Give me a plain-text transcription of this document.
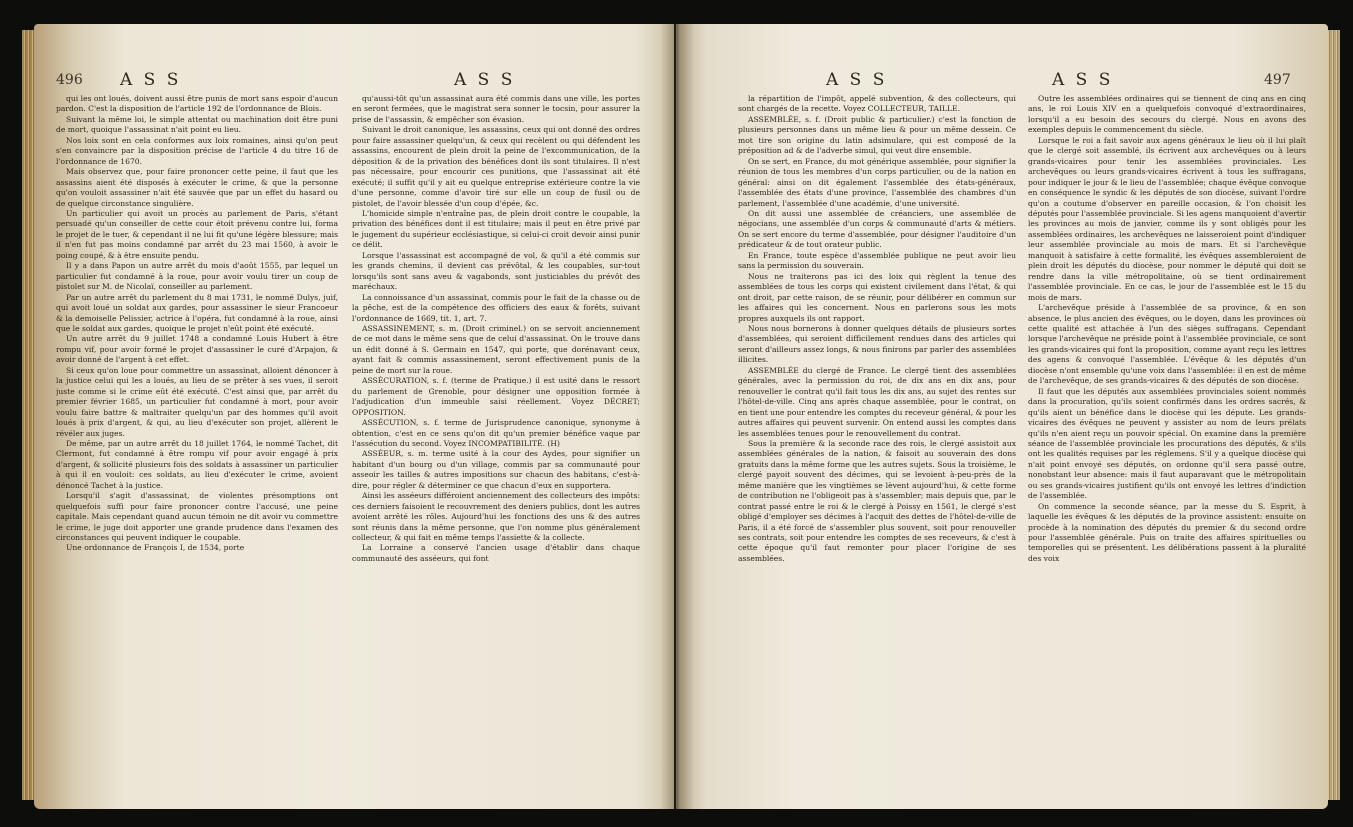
496 A S S	A S S

qui les ont loués, doivent aussi être punis de mort sans espoir d'aucun pardon. C'est la disposition de l'article 192 de l'ordonnance de Blois.

Suivant la même loi, le simple attentat ou machination doit être puni de mort, quoique l'assassinat n'ait point eu lieu.

Nos loix sont en cela conformes aux loix romaines, ainsi qu'on peut s'en convaincre par la disposition précise de l'article 4 du titre 16 de l'ordonnance de 1670.

Mais observez que, pour faire prononcer cette peine, il faut que les assassins aient été disposés à exécuter le crime, & que la personne qu'on vouloit assassiner n'ait été sauvée que par un effet du hasard ou de quelque circonstance singulière.

Un particulier qui avoit un procès au parlement de Paris, s'étant persuadé qu'un conseiller de cette cour étoit prévenu contre lui, forma le projet de le tuer, & cependant il ne lui fit qu'une légère blessure; mais il n'en fut pas moins condamné par arrêt du 23 mai 1560, à avoir le poing coupé, & à être ensuite pendu.

Il y a dans Papon un autre arrêt du mois d'août 1555, par lequel un particulier fut condamné à la roue, pour avoir voulu tirer un coup de pistolet sur M. de Nicolaï, conseiller au parlement.

Par un autre arrêt du parlement du 8 mai 1731, le nommé Dulys, juif, qui avoit loué un soldat aux gardes, pour assassiner le sieur Francoeur & la demoiselle Pelissier, actrice à l'opéra, fut condamné à la roue, ainsi que le soldat aux gardes, quoique le projet n'eût point été exécuté.

Un autre arrêt du 9 juillet 1748 a condamné Louis Hubert à être rompu vif, pour avoir formé le projet d'assassiner le curé d'Arpajon, & avoir donné de l'argent à cet effet.

Si ceux qu'on loue pour commettre un assassinat, alloient dénoncer à la justice celui qui les a loués, au lieu de se prêter à ses vues, il seroit juste comme si le crime eût été exécuté. C'est ainsi que, par arrêt du premier février 1685, un particulier fut condamné à mort, pour avoir voulu faire battre & maltraiter quelqu'un par des hommes qu'il avoit loués à prix d'argent, & qui, au lieu d'exécuter son projet, allèrent le révéler aux juges.

De même, par un autre arrêt du 18 juillet 1764, le nommé Tachet, dit Clermont, fut condamné à être rompu vif pour avoir engagé à prix d'argent, & sollicité plusieurs fois des soldats à assassiner un particulier à qui il en vouloit: ces soldats, au lieu d'exécuter le crime, avoient dénoncé Tachet à la justice.

Lorsqu'il s'agit d'assassinat, de violentes présomptions ont quelquefois suffi pour faire prononcer contre l'accusé, une peine capitale. Mais cependant quand aucun témoin ne dit avoir vu commettre le crime, le juge doit apporter une grande prudence dans l'examen des circonstances qui peuvent indiquer le coupable.

Une ordonnance de François I, de 1534, porte

qu'aussi-tôt qu'un assassinat aura été commis dans une ville, les portes en seront fermées, que le magistrat sera sonner le tocsin, pour assurer la prise de l'assassin, & empêcher son évasion.

Suivant le droit canonique, les assassins, ceux qui ont donné des ordres pour faire assassiner quelqu'un, & ceux qui recèlent ou qui défendent les assassins, encourent de plein droit la peine de l'excommunication, de la déposition & de la privation des bénéfices dont ils sont titulaires. Il n'est pas nécessaire, pour encourir ces punitions, que l'assassinat ait été exécuté; il suffit qu'il y ait eu quelque entreprise extérieure contre la vie d'une personne, comme d'avoir tiré sur elle un coup de fusil ou de pistolet, de l'avoir blessée d'un coup d'épée, &c.

L'homicide simple n'entraîne pas, de plein droit contre le coupable, la privation des bénéfices dont il est titulaire; mais il peut en être privé par le jugement du supérieur ecclésiastique, si celui-ci croit devoir ainsi punir ce délit.

Lorsque l'assassinat est accompagné de vol, & qu'il a été commis sur les grands chemins, il devient cas prévôtal, & les coupables, sur-tout lorsqu'ils sont sans aveu & vagabonds, sont justiciables du prévôt des maréchaux.

La connoissance d'un assassinat, commis pour le fait de la chasse ou de la pêche, est de la compétence des officiers des eaux & forêts, suivant l'ordonnance de 1669, tit. 1, art. 7.

ASSASSINEMENT, s. m. (Droit criminel.) on se servoit anciennement de ce mot dans le même sens que de celui d'assassinat. On le trouve dans un édit donné à S. Germain en 1547, qui porte, que dorénavant ceux, ayant fait & commis assassinement, seront effectivement punis de la peine de mort sur la roue.

ASSÉCURATION, s. f. (terme de Pratique.) il est usité dans le ressort du parlement de Grenoble, pour désigner une opposition formée à l'adjudication d'un immeuble saisi réellement. Voyez DÉCRET; OPPOSITION.

ASSÉCUTION, s. f. terme de Jurisprudence canonique, synonyme à obtention, c'est en ce sens qu'on dit qu'un premier bénéfice vaque par l'assécution du second. Voyez INCOMPATIBILITÉ. (H)

ASSÉEUR, s. m. terme usité à la cour des Aydes, pour signifier un habitant d'un bourg ou d'un village, commis par sa communauté pour asseoir les tailles & autres impositions sur chacun des habitans, c'est-à-dire, pour régler & déterminer ce que chacun d'eux en supportera.

Ainsi les asséeurs différoient anciennement des collecteurs des impôts: ces derniers faisoient le recouvrement des deniers publics, dont les autres avoient arrêté les rôles. Aujourd'hui les fonctions des uns & des autres sont réunis dans la même personne, que l'on nomme plus généralement collecteur, & qui fait en même temps l'assiette & la collecte.

La Lorraine a conservé l'ancien usage d'établir dans chaque communauté des asséeurs, qui font

A S S	A S S	497

la répartition de l'impôt, appelé subvention, & des collecteurs, qui sont chargés de la recette. Voyez COLLECTEUR, TAILLE.

ASSEMBLÉE, s. f. (Droit public & particulier.) c'est la fonction de plusieurs personnes dans un même lieu & pour un même dessein. Ce mot tire son origine du latin adsimulare, qui est composé de la préposition ad & de l'adverbe simul, qui veut dire ensemble.

On se sert, en France, du mot générique assemblée, pour signifier la réunion de tous les membres d'un corps particulier, ou de la nation en général: ainsi on dit également l'assemblée des états-généraux, l'assemblée des états d'une province, l'assemblée des chambres d'un parlement, l'assemblée d'une académie, d'une université.

On dit aussi une assemblée de créanciers, une assemblée de négocians, une assemblée d'un corps & communauté d'arts & métiers. On se sert encore du terme d'assemblée, pour désigner l'auditoire d'un prédicateur & de tout orateur public.

En France, toute espèce d'assemblée publique ne peut avoir lieu sans la permission du souverain.

Nous ne traiterons pas ici des loix qui règlent la tenue des assemblées de tous les corps qui existent civilement dans l'état, & qui ont droit, par cette raison, de se réunir, pour délibérer en commun sur les affaires qui les concernent. Nous en parlerons sous les mots propres auxquels ils ont rapport.

Nous nous bornerons à donner quelques détails de plusieurs sortes d'assemblées, qui seroient difficilement rendues dans des articles qui seront d'ailleurs assez longs, & nous finirons par parler des assemblées illicites.

ASSEMBLÉE du clergé de France. Le clergé tient des assemblées générales, avec la permission du roi, de dix ans en dix ans, pour renouveller le contrat qu'il fait tous les dix ans, au sujet des rentes sur l'hôtel-de-ville. Cinq ans après chaque assemblée, pour le contrat, on en tient une pour entendre les comptes du receveur général, & pour les autres affaires qui peuvent survenir. On entend aussi les comptes dans les assemblées tenues pour le renouvellement du contrat.

Sous la première & la seconde race des rois, le clergé assistoit aux assemblées générales de la nation, & faisoit au souverain des dons gratuits dans la même forme que les autres sujets. Sous la troisième, le clergé payoit souvent des décimes, qui se levoient à-peu-près de la même manière que les vingtièmes se lèvent aujourd'hui, & cette forme de contribution ne l'obligeoit pas à s'assembler; mais depuis que, par le contrat passé entre le roi & le clergé à Poissy en 1561, le clergé s'est obligé d'employer ses décimes à l'acquit des dettes de l'hôtel-de-ville de Paris, il a été forcé de s'assembler plus souvent, soit pour renouveller ses contrats, soit pour entendre les comptes de ses receveurs, & c'est à cette époque qu'il faut remonter pour placer l'origine de ses assemblées.

Outre les assemblées ordinaires qui se tiennent de cinq ans en cinq ans, le roi Louis XIV en a quelquefois convoqué d'extraordinaires, lorsqu'il a eu besoin des secours du clergé. Nous en avons des exemples depuis le commencement du siècle.

Lorsque le roi a fait savoir aux agens généraux le lieu où il lui plaît que le clergé soit assemblé, ils écrivent aux archevêques ou à leurs grands-vicaires pour tenir les assemblées provinciales. Les archevêques ou leurs grands-vicaires écrivent à tous les suffragans, pour indiquer le jour & le lieu de l'assemblée; chaque évêque convoque en conséquence le syndic & les députés de son diocèse, suivant l'ordre qu'on a coutume d'observer en pareille occasion, & l'on choisit les députés pour l'assemblée provinciale. Si les agens manquoient d'avertir les provinces au mois de janvier, comme ils y sont obligés pour les assemblées ordinaires, les archevêques ne laisseroient point d'indiquer leur assemblée provinciale au mois de mars. Et si l'archevêque manquoit à satisfaire à cette formalité, les évêques assembleroient de plein droit les députés du diocèse, pour nommer le député qui doit se rendre dans la ville métropolitaine, où se tient ordinairement l'assemblée provinciale. En ce cas, le jour de l'assemblée est le 15 du mois de mars.

L'archevêque préside à l'assemblée de sa province, & en son absence, le plus ancien des évêques, ou le doyen, dans les provinces où cette qualité est attachée à l'un des sièges suffragans. Cependant lorsque l'archevêque ne préside point à l'assemblée provinciale, ce sont les grands-vicaires qui font la proposition, comme ayant reçu les lettres des agens & convoqué l'assemblée. L'évêque & les députés d'un diocèse n'ont ensemble qu'une voix dans l'assemblée: il en est de même de l'archevêque, de ses grands-vicaires & des députés de son diocèse.

Il faut que les députés aux assemblées provinciales soient nommés dans la procuration, qu'ils soient confirmés dans les ordres sacrés, & qu'ils aient un bénéfice dans le diocèse qui les députe. Les grands-vicaires des évêques ne peuvent y assister au nom de leurs prélats qu'ils n'en aient reçu un pouvoir spécial. On examine dans la première séance de l'assemblée provinciale les procurations des députés, & s'ils ont les qualités requises par les réglemens. S'il y a quelque diocèse qui n'ait point envoyé ses députés, on ordonne qu'il sera passé outre, nonobstant leur absence: mais il faut auparavant que le métropolitain ou ses grands-vicaires justifient qu'ils ont envoyé les lettres d'indiction de l'assemblée.

On commence la seconde séance, par la messe du S. Esprit, à laquelle les évêques & les députés de la province assistent: ensuite on procède à la nomination des députés du premier & du second ordre pour l'assemblée générale. Puis on traite des affaires spirituelles ou temporelles qui se présentent. Les délibérations passent à la pluralité des voix
